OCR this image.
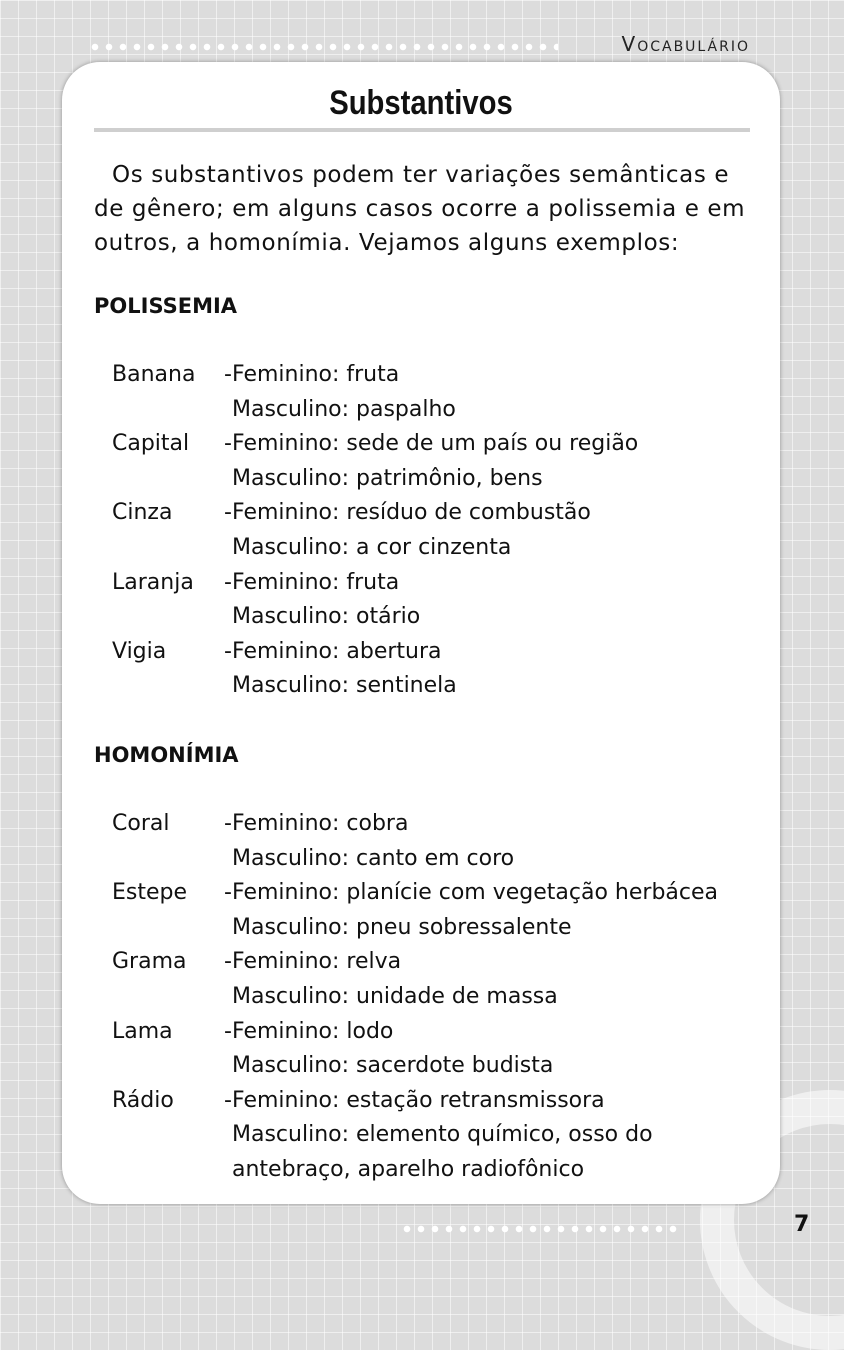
Vocabulário
Substantivos
Os substantivos podem ter variações semânticas e
de gênero; em alguns casos ocorre a polissemia e em
outros, a homonímia. Vejamos alguns exemplos:
POLISSEMIA
Banana	- Feminino: fruta
Masculino: paspalho
Capital	- Feminino: sede de um país ou região
Masculino: patrimônio, bens
Cinza	- Feminino: resíduo de combustão
Masculino: a cor cinzenta
Laranja	- Feminino: fruta
Masculino: otário
Vigia	- Feminino: abertura
Masculino: sentinela
HOMONÍMIA
Coral	- Feminino: cobra
Masculino: canto em coro
Estepe	- Feminino: planície com vegetação herbácea
Masculino: pneu sobressalente
Grama	- Feminino: relva
Masculino: unidade de massa
Lama	- Feminino: lodo
Masculino: sacerdote budista
Rádio	- Feminino: estação retransmissora
Masculino: elemento químico, osso do
antebraço, aparelho radiofônico
7
